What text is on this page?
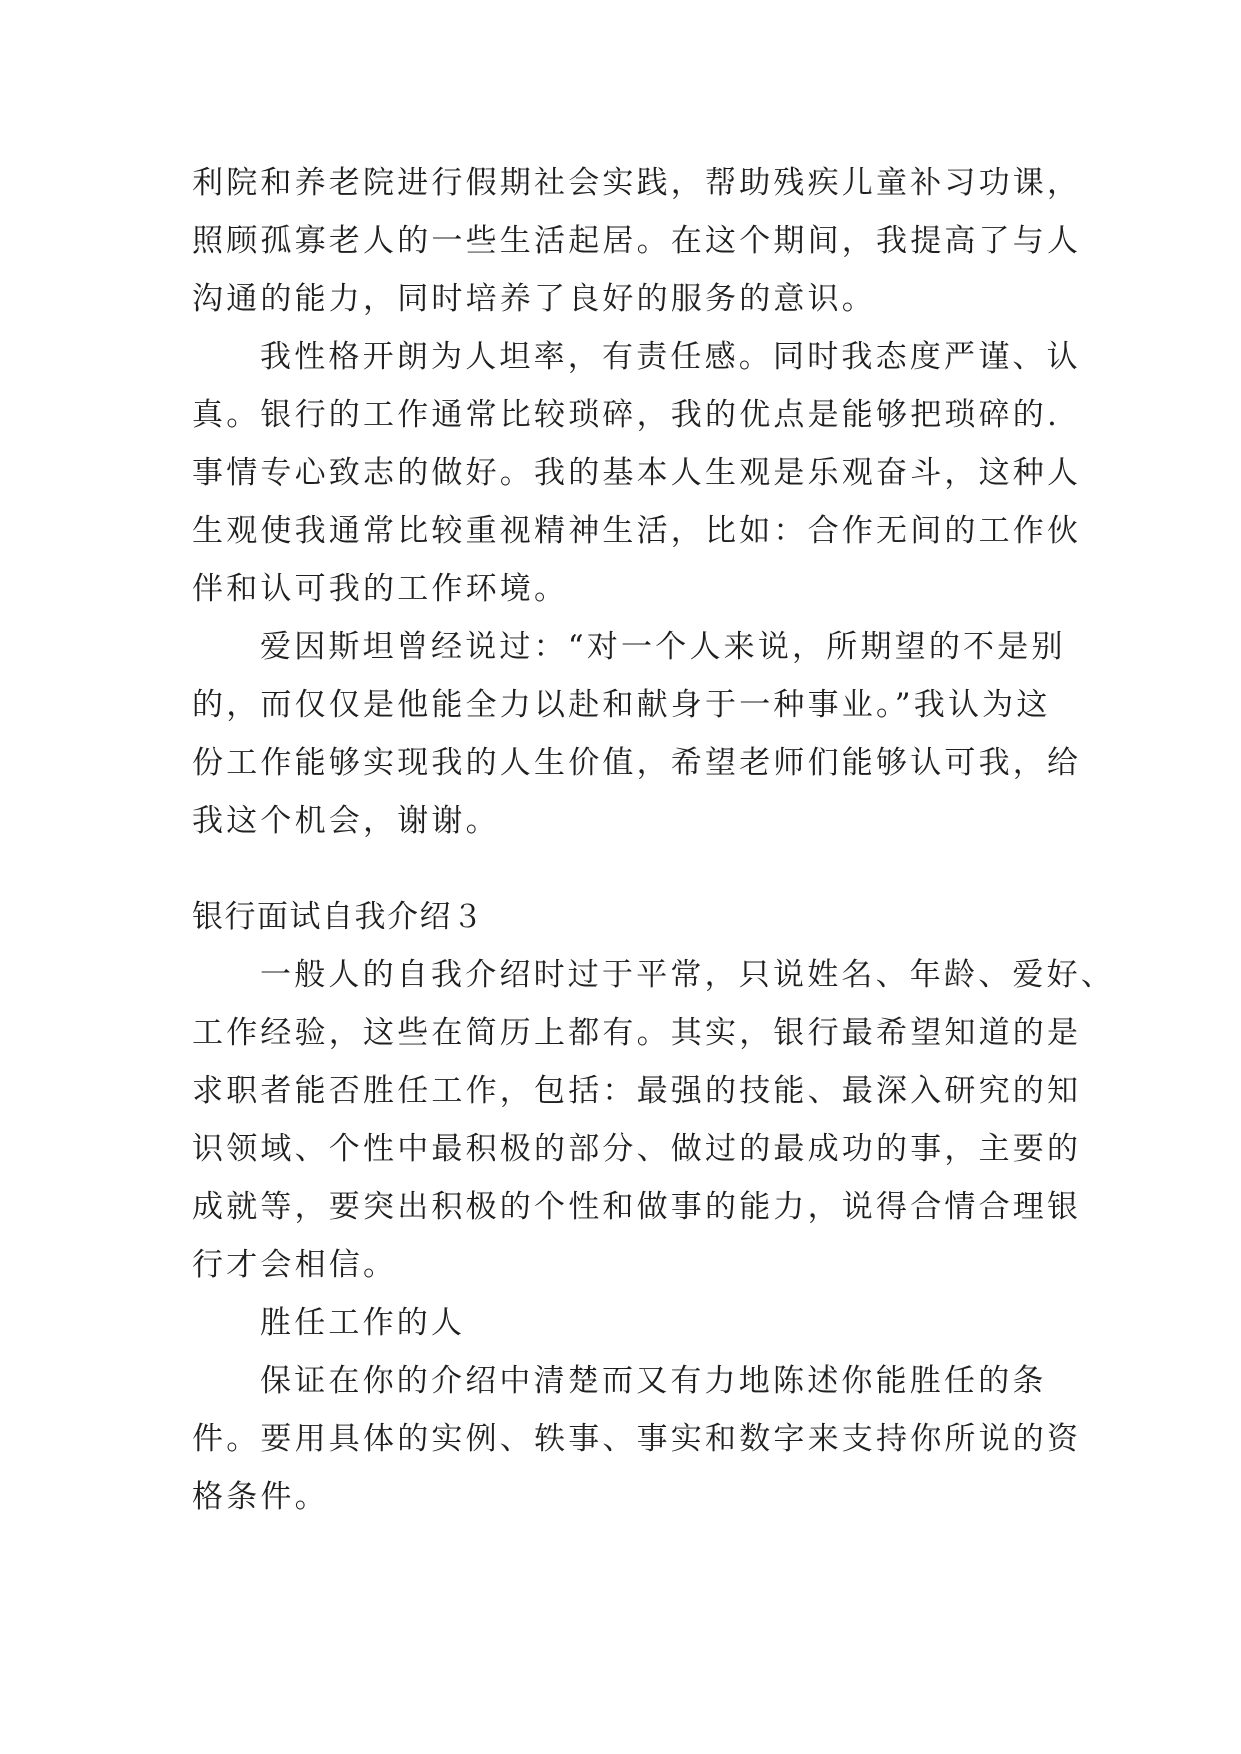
利院和养老院进行假期社会实践，帮助残疾儿童补习功课，
照顾孤寡老人的一些生活起居。在这个期间，我提高了与人
沟通的能力，同时培养了良好的服务的意识。
我性格开朗为人坦率，有责任感。同时我态度严谨、认
真。银行的工作通常比较琐碎，我的优点是能够把琐碎的.
事情专心致志的做好。我的基本人生观是乐观奋斗，这种人
生观使我通常比较重视精神生活，比如：合作无间的工作伙
伴和认可我的工作环境。
爱因斯坦曾经说过：“对一个人来说，所期望的不是别
的，而仅仅是他能全力以赴和献身于一种事业。”我认为这
份工作能够实现我的人生价值，希望老师们能够认可我，给
我这个机会，谢谢。
银行面试自我介绍３
一般人的自我介绍时过于平常，只说姓名、年龄、爱好、
工作经验，这些在简历上都有。其实，银行最希望知道的是
求职者能否胜任工作，包括：最强的技能、最深入研究的知
识领域、个性中最积极的部分、做过的最成功的事，主要的
成就等，要突出积极的个性和做事的能力，说得合情合理银
行才会相信。
胜任工作的人
保证在你的介绍中清楚而又有力地陈述你能胜任的条
件。要用具体的实例、轶事、事实和数字来支持你所说的资
格条件。
